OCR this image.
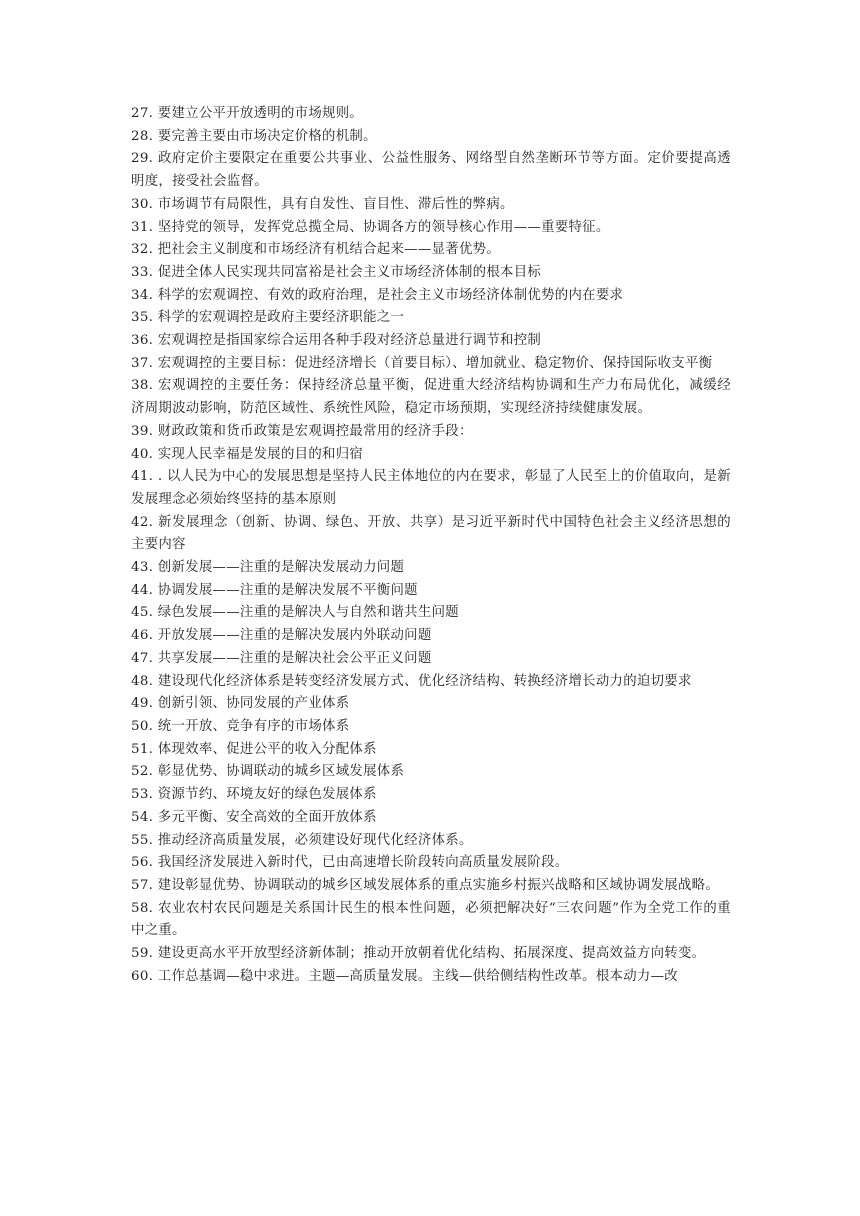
27. 要建立公平开放透明的市场规则。

28. 要完善主要由市场决定价格的机制。

29. 政府定价主要限定在重要公共事业、公益性服务、网络型自然垄断环节等方面。定价要提高透明度，接受社会监督。

30. 市场调节有局限性，具有自发性、盲目性、滞后性的弊病。

31. 坚持党的领导，发挥党总揽全局、协调各方的领导核心作用——重要特征。

32. 把社会主义制度和市场经济有机结合起来——显著优势。

33. 促进全体人民实现共同富裕是社会主义市场经济体制的根本目标

34. 科学的宏观调控、有效的政府治理，是社会主义市场经济体制优势的内在要求

35. 科学的宏观调控是政府主要经济职能之一

36. 宏观调控是指国家综合运用各种手段对经济总量进行调节和控制

37. 宏观调控的主要目标：促进经济增长（首要目标）、增加就业、稳定物价、保持国际收支平衡

38. 宏观调控的主要任务：保持经济总量平衡，促进重大经济结构协调和生产力布局优化，减缓经济周期波动影响，防范区域性、系统性风险，稳定市场预期，实现经济持续健康发展。

39. 财政政策和货币政策是宏观调控最常用的经济手段：

40. 实现人民幸福是发展的目的和归宿

41. . 以人民为中心的发展思想是坚持人民主体地位的内在要求，彰显了人民至上的价值取向，是新发展理念必须始终坚持的基本原则

42. 新发展理念（创新、协调、绿色、开放、共享）是习近平新时代中国特色社会主义经济思想的主要内容

43. 创新发展——注重的是解决发展动力问题

44. 协调发展——注重的是解决发展不平衡问题

45. 绿色发展——注重的是解决人与自然和谐共生问题

46. 开放发展——注重的是解决发展内外联动问题

47. 共享发展——注重的是解决社会公平正义问题

48. 建设现代化经济体系是转变经济发展方式、优化经济结构、转换经济增长动力的迫切要求

49. 创新引领、协同发展的产业体系

50. 统一开放、竞争有序的市场体系

51. 体现效率、促进公平的收入分配体系

52. 彰显优势、协调联动的城乡区域发展体系

53. 资源节约、环境友好的绿色发展体系

54. 多元平衡、安全高效的全面开放体系

55. 推动经济高质量发展，必须建设好现代化经济体系。

56. 我国经济发展进入新时代，已由高速增长阶段转向高质量发展阶段。

57. 建设彰显优势、协调联动的城乡区域发展体系的重点实施乡村振兴战略和区域协调发展战略。

58. 农业农村农民问题是关系国计民生的根本性问题，必须把解决好“三农问题”作为全党工作的重中之重。

59. 建设更高水平开放型经济新体制；推动开放朝着优化结构、拓展深度、提高效益方向转变。

60. 工作总基调—稳中求进。主题—高质量发展。主线—供给侧结构性改革。根本动力—改
